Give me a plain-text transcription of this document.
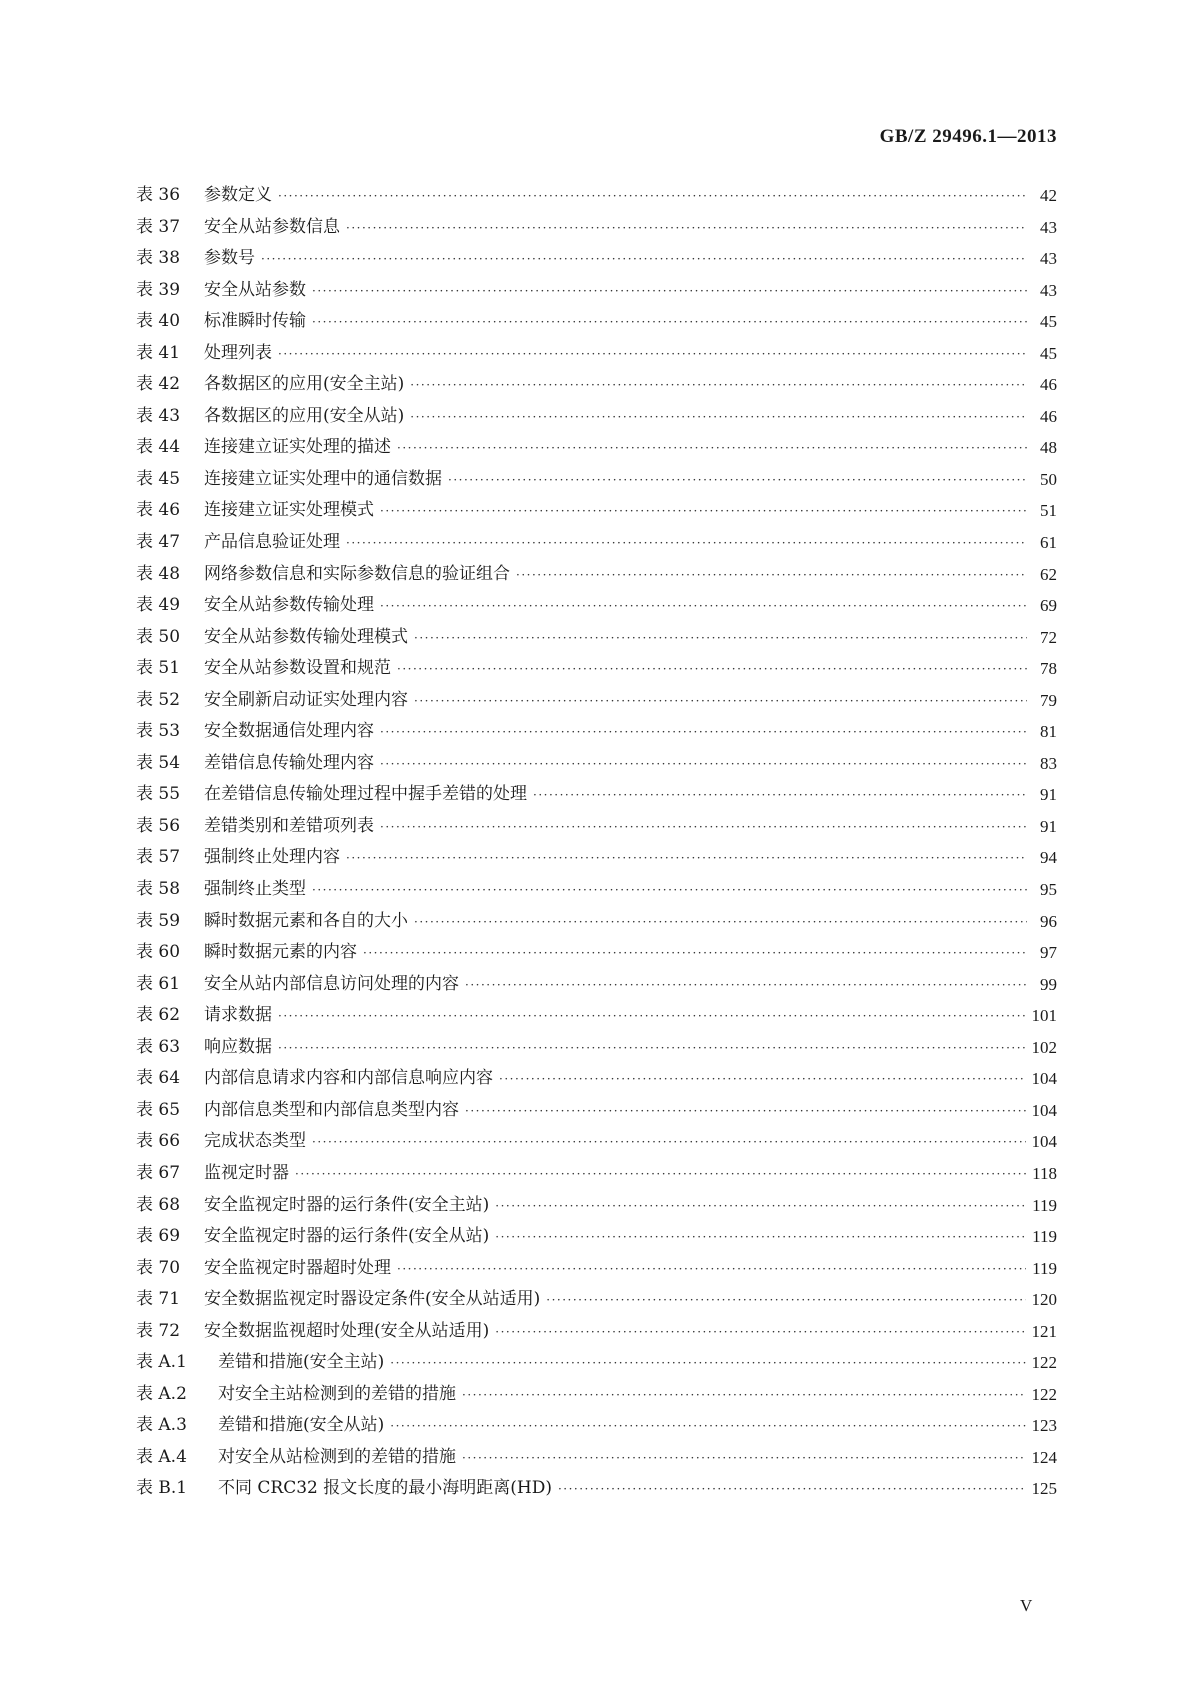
GB/Z 29496.1—2013
表 36	参数定义 ·····	42
表 37	安全从站参数信息 ·····	43
表 38	参数号 ·····	43
表 39	安全从站参数 ·····	43
表 40	标准瞬时传输 ·····	45
表 41	处理列表 ·····	45
表 42	各数据区的应用(安全主站) ·····	46
表 43	各数据区的应用(安全从站) ·····	46
表 44	连接建立证实处理的描述 ·····	48
表 45	连接建立证实处理中的通信数据 ·····	50
表 46	连接建立证实处理模式 ·····	51
表 47	产品信息验证处理 ·····	61
表 48	网络参数信息和实际参数信息的验证组合 ·····	62
表 49	安全从站参数传输处理 ·····	69
表 50	安全从站参数传输处理模式 ·····	72
表 51	安全从站参数设置和规范 ·····	78
表 52	安全刷新启动证实处理内容 ·····	79
表 53	安全数据通信处理内容 ·····	81
表 54	差错信息传输处理内容 ·····	83
表 55	在差错信息传输处理过程中握手差错的处理 ·····	91
表 56	差错类别和差错项列表 ·····	91
表 57	强制终止处理内容 ·····	94
表 58	强制终止类型 ·····	95
表 59	瞬时数据元素和各自的大小 ·····	96
表 60	瞬时数据元素的内容 ·····	97
表 61	安全从站内部信息访问处理的内容 ·····	99
表 62	请求数据 ·····	101
表 63	响应数据 ·····	102
表 64	内部信息请求内容和内部信息响应内容 ·····	104
表 65	内部信息类型和内部信息类型内容 ·····	104
表 66	完成状态类型 ·····	104
表 67	监视定时器 ·····	118
表 68	安全监视定时器的运行条件(安全主站) ·····	119
表 69	安全监视定时器的运行条件(安全从站) ·····	119
表 70	安全监视定时器超时处理 ·····	119
表 71	安全数据监视定时器设定条件(安全从站适用) ·····	120
表 72	安全数据监视超时处理(安全从站适用) ·····	121
表 A.1	差错和措施(安全主站) ·····	122
表 A.2	对安全主站检测到的差错的措施 ·····	122
表 A.3	差错和措施(安全从站) ·····	123
表 A.4	对安全从站检测到的差错的措施 ·····	124
表 B.1	不同 CRC32 报文长度的最小海明距离(HD) ·····	125
V
